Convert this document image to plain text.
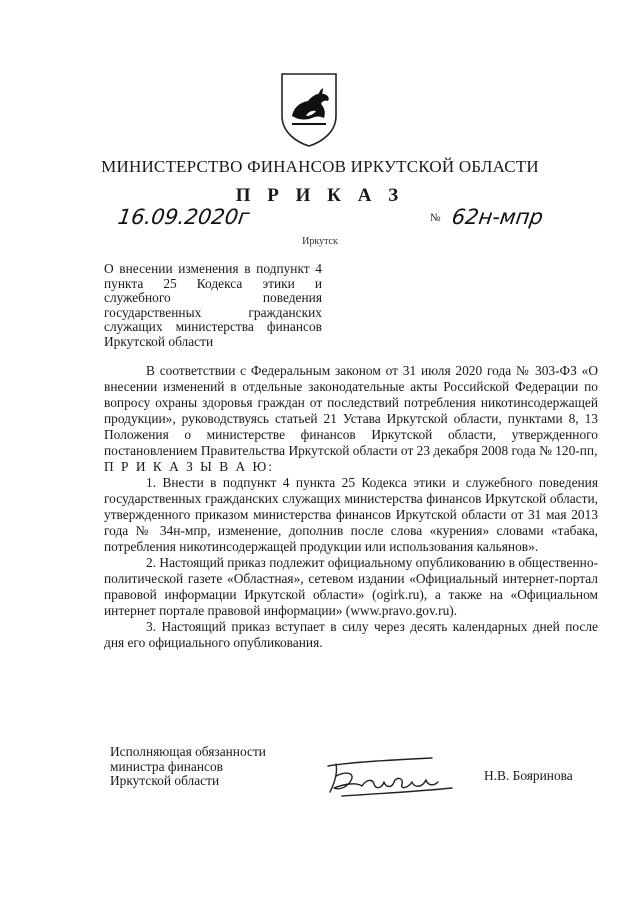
МИНИСТЕРСТВО ФИНАНСОВ ИРКУТСКОЙ ОБЛАСТИ
П Р И К А З
16.09.2020г	№ 62н-мпр
Иркутск
О внесении изменения в подпункт 4 пункта 25 Кодекса этики и служебного поведения государственных гражданских служащих министерства финансов Иркутской области

В соответствии с Федеральным законом от 31 июля 2020 года № 303-ФЗ «О внесении изменений в отдельные законодательные акты Российской Федерации по вопросу охраны здоровья граждан от последствий потребления никотинсодержащей продукции», руководствуясь статьей 21 Устава Иркутской области, пунктами 8, 13 Положения о министерстве финансов Иркутской области, утвержденного постановлением Правительства Иркутской области от 23 декабря 2008 года № 120-пп,

П Р И К А З Ы В А Ю:

1. Внести в подпункт 4 пункта 25 Кодекса этики и служебного поведения государственных гражданских служащих министерства финансов Иркутской области, утвержденного приказом министерства финансов Иркутской области от 31 мая 2013 года № 34н-мпр, изменение, дополнив после слова «курения» словами «табака, потребления никотинсодержащей продукции или использования кальянов».

2. Настоящий приказ подлежит официальному опубликованию в общественно-политической газете «Областная», сетевом издании «Официальный интернет-портал правовой информации Иркутской области» (ogirk.ru), а также на «Официальном интернет портале правовой информации» (www.pravo.gov.ru).

3. Настоящий приказ вступает в силу через десять календарных дней после дня его официального опубликования.

Исполняющая обязанности
министра финансов
Иркутской области	Н.В. Бояринова
